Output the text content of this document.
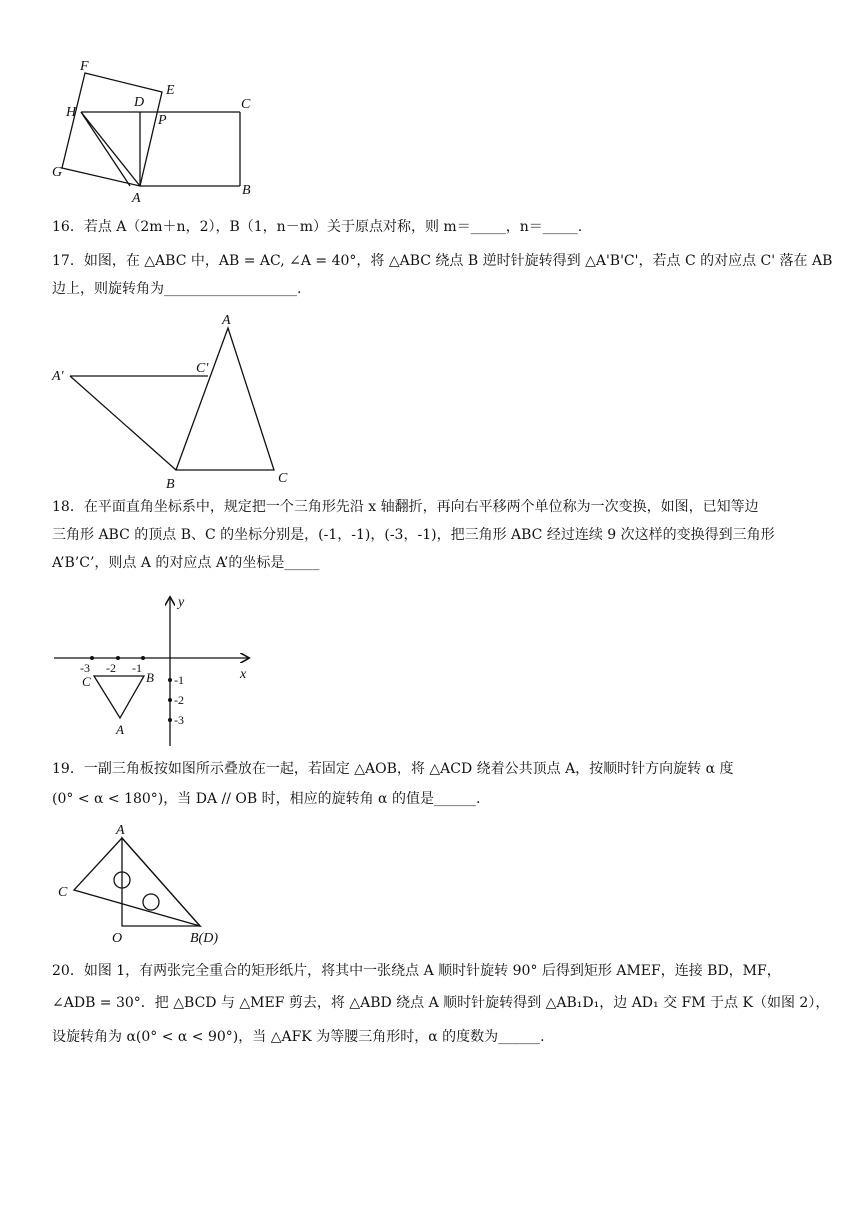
F
E
H
D	C
P
G
A
B
16．若点 A（2m＋n，2），B（1，n－m）关于原点对称，则 m＝_____，n＝_____.
17．如图，在 △ABC 中，AB = AC, ∠A = 40°，将 △ABC 绕点 B 逆时针旋转得到 △A'B'C'，若点 C 的对应点 C' 落在 AB
边上，则旋转角为___________________.
A
A'
C'
B	C
18．在平面直角坐标系中，规定把一个三角形先沿 x 轴翻折，再向右平移两个单位称为一次变换，如图，已知等边
三角形 ABC 的顶点 B、C 的坐标分别是，(-1，-1)，(-3，-1)，把三角形 ABC 经过连续 9 次这样的变换得到三角形
A’B’C’，则点 A 的对应点 A’的坐标是_____
y
x
-3 -2 -1
-1
-2
-3
C	B
A
19．一副三角板按如图所示叠放在一起，若固定 △AOB，将 △ACD 绕着公共顶点 A，按顺时针方向旋转 α 度
(0° < α < 180°)，当 DA // OB 时，相应的旋转角 α 的值是______.
A
C
O	B(D)
20．如图 1，有两张完全重合的矩形纸片，将其中一张绕点 A 顺时针旋转 90° 后得到矩形 AMEF，连接 BD，MF，
∠ADB = 30°．把 △BCD 与 △MEF 剪去，将 △ABD 绕点 A 顺时针旋转得到 △AB₁D₁，边 AD₁ 交 FM 于点 K（如图 2），
设旋转角为 α(0° < α < 90°)，当 △AFK 为等腰三角形时，α 的度数为______.
